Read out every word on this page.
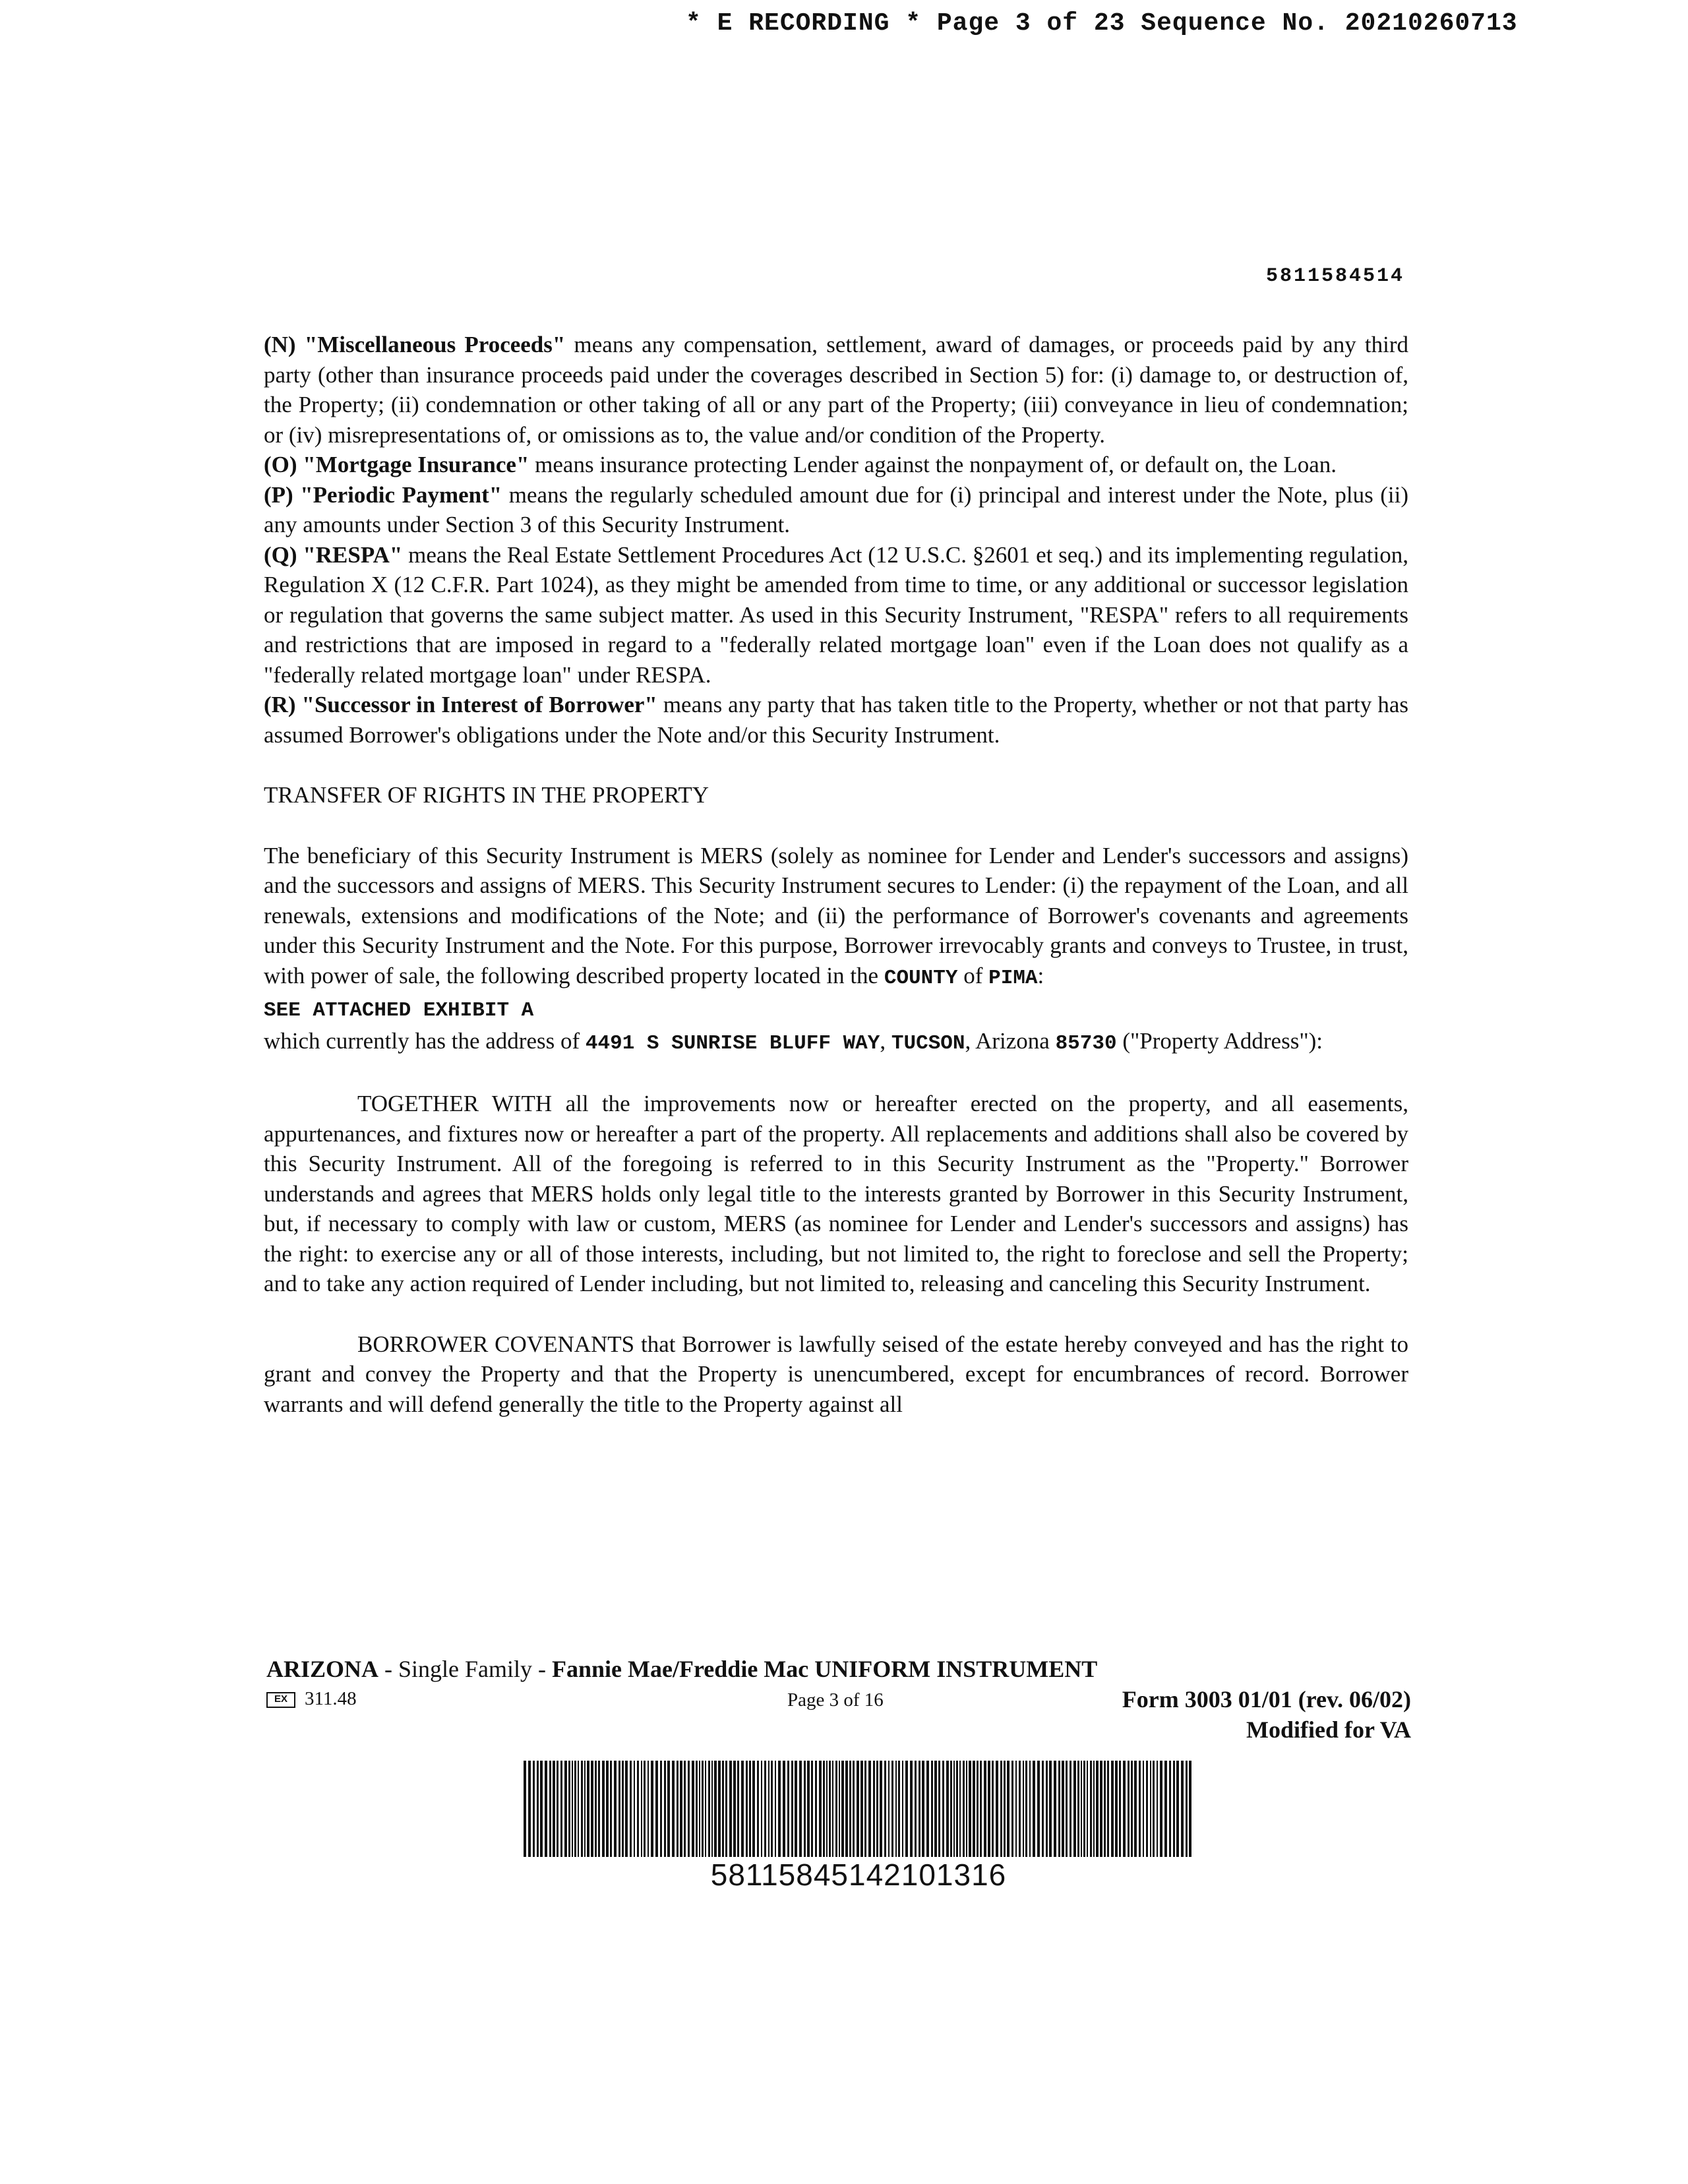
* E RECORDING * Page 3 of 23 Sequence No. 20210260713
5811584514

(N) "Miscellaneous Proceeds" means any compensation, settlement, award of damages, or proceeds paid by any third party (other than insurance proceeds paid under the coverages described in Section 5) for: (i) damage to, or destruction of, the Property; (ii) condemnation or other taking of all or any part of the Property; (iii) conveyance in lieu of condemnation; or (iv) misrepresentations of, or omissions as to, the value and/or condition of the Property.

(O) "Mortgage Insurance" means insurance protecting Lender against the nonpayment of, or default on, the Loan.

(P) "Periodic Payment" means the regularly scheduled amount due for (i) principal and interest under the Note, plus (ii) any amounts under Section 3 of this Security Instrument.

(Q) "RESPA" means the Real Estate Settlement Procedures Act (12 U.S.C. §2601 et seq.) and its implementing regulation, Regulation X (12 C.F.R. Part 1024), as they might be amended from time to time, or any additional or successor legislation or regulation that governs the same subject matter. As used in this Security Instrument, "RESPA" refers to all requirements and restrictions that are imposed in regard to a "federally related mortgage loan" even if the Loan does not qualify as a "federally related mortgage loan" under RESPA.

(R) "Successor in Interest of Borrower" means any party that has taken title to the Property, whether or not that party has assumed Borrower's obligations under the Note and/or this Security Instrument.

TRANSFER OF RIGHTS IN THE PROPERTY

The beneficiary of this Security Instrument is MERS (solely as nominee for Lender and Lender's successors and assigns) and the successors and assigns of MERS. This Security Instrument secures to Lender: (i) the repayment of the Loan, and all renewals, extensions and modifications of the Note; and (ii) the performance of Borrower's covenants and agreements under this Security Instrument and the Note. For this purpose, Borrower irrevocably grants and conveys to Trustee, in trust, with power of sale, the following described property located in the COUNTY of PIMA:
SEE ATTACHED EXHIBIT A
which currently has the address of 4491 S SUNRISE BLUFF WAY, TUCSON, Arizona 85730 ("Property Address"):

TOGETHER WITH all the improvements now or hereafter erected on the property, and all easements, appurtenances, and fixtures now or hereafter a part of the property. All replacements and additions shall also be covered by this Security Instrument. All of the foregoing is referred to in this Security Instrument as the "Property." Borrower understands and agrees that MERS holds only legal title to the interests granted by Borrower in this Security Instrument, but, if necessary to comply with law or custom, MERS (as nominee for Lender and Lender's successors and assigns) has the right: to exercise any or all of those interests, including, but not limited to, the right to foreclose and sell the Property; and to take any action required of Lender including, but not limited to, releasing and canceling this Security Instrument.

BORROWER COVENANTS that Borrower is lawfully seised of the estate hereby conveyed and has the right to grant and convey the Property and that the Property is unencumbered, except for encumbrances of record. Borrower warrants and will defend generally the title to the Property against all

ARIZONA - Single Family - Fannie Mae/Freddie Mac UNIFORM INSTRUMENT
EX 311.48	Page 3 of 16	Form 3003 01/01 (rev. 06/02)
Modified for VA
58115845142101316
